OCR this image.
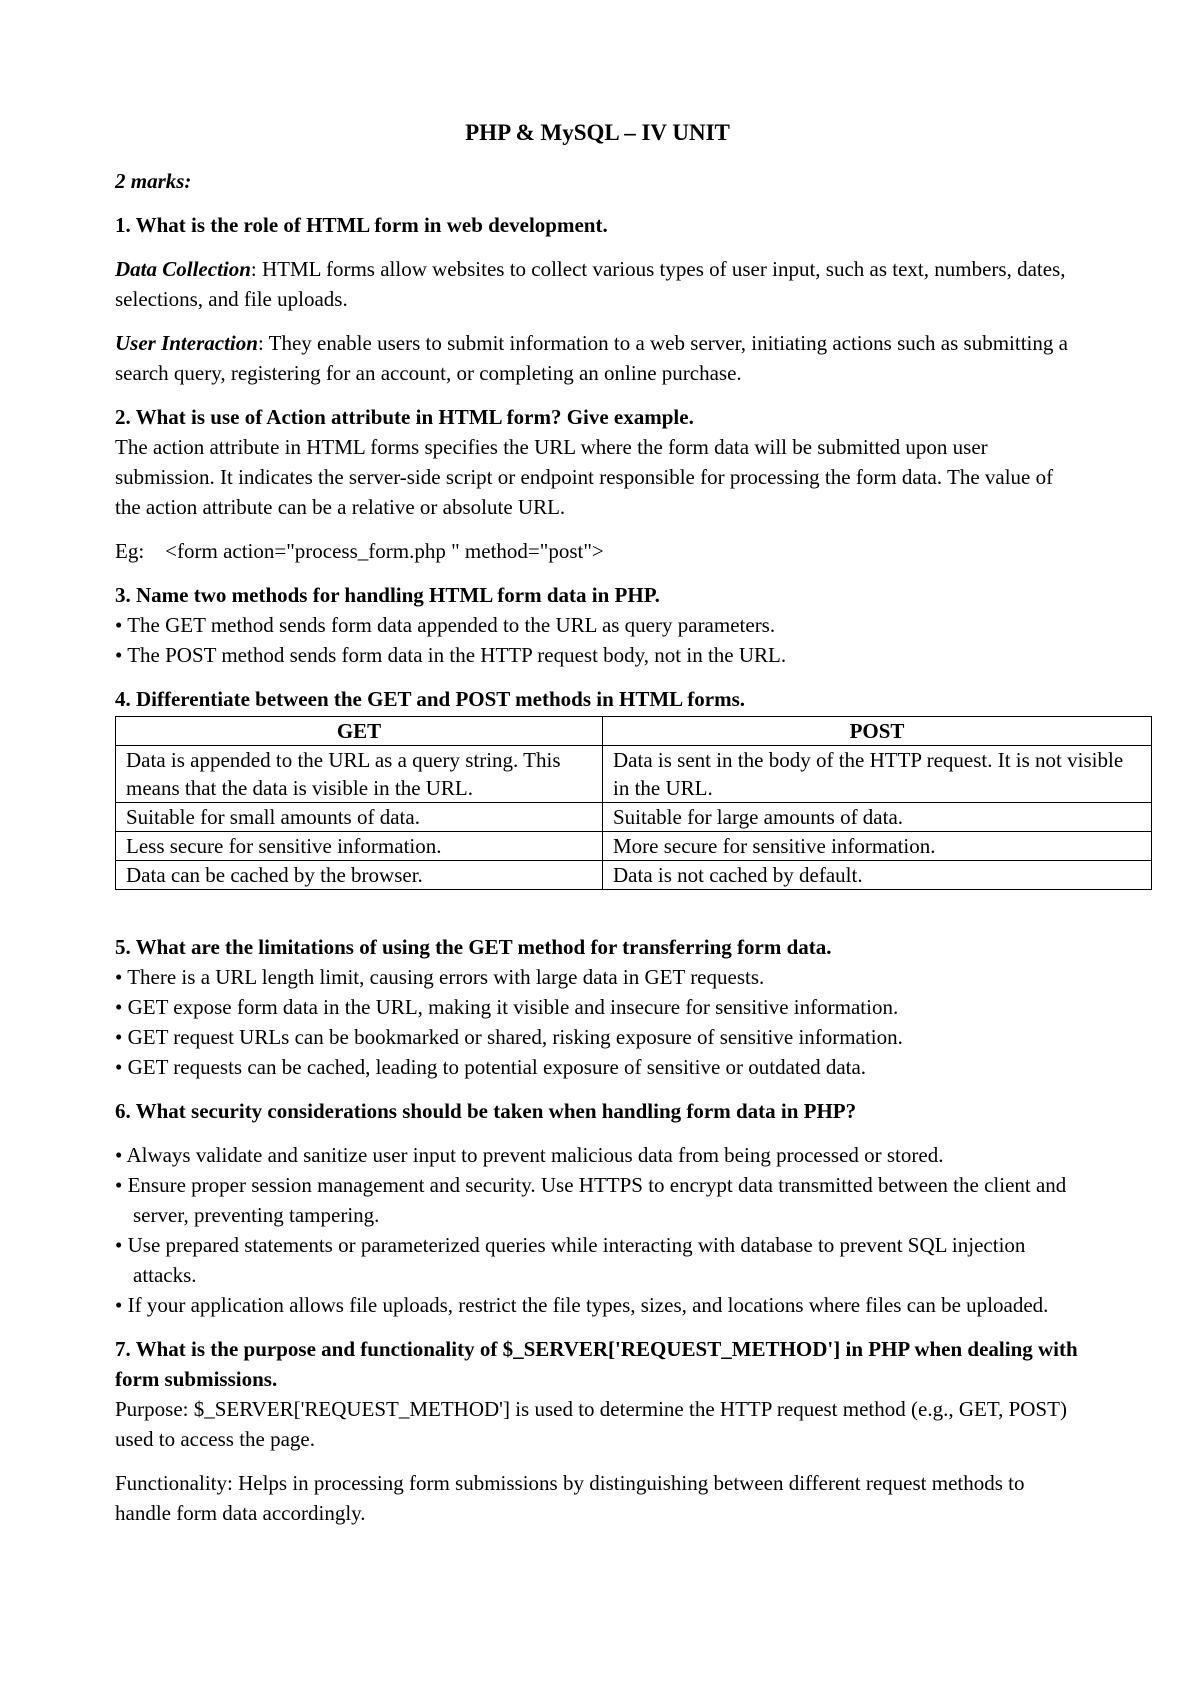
PHP & MySQL – IV UNIT
2 marks:

1. What is the role of HTML form in web development.

Data Collection: HTML forms allow websites to collect various types of user input, such as text, numbers, dates, selections, and file uploads.

User Interaction: They enable users to submit information to a web server, initiating actions such as submitting a search query, registering for an account, or completing an online purchase.

2. What is use of Action attribute in HTML form? Give example.

The action attribute in HTML forms specifies the URL where the form data will be submitted upon user submission. It indicates the server-side script or endpoint responsible for processing the form data. The value of the action attribute can be a relative or absolute URL.

Eg:    <form action="process_form.php " method="post">

3. Name two methods for handling HTML form data in PHP.

• The GET method sends form data appended to the URL as query parameters.

• The POST method sends form data in the HTTP request body, not in the URL.

4. Differentiate between the GET and POST methods in HTML forms.

GET	POST
Data is appended to the URL as a query string. This means that the data is visible in the URL.	Data is sent in the body of the HTTP request. It is not visible in the URL.
Suitable for small amounts of data.	Suitable for large amounts of data.
Less secure for sensitive information.	More secure for sensitive information.
Data can be cached by the browser.	Data is not cached by default.

5. What are the limitations of using the GET method for transferring form data.

• There is a URL length limit, causing errors with large data in GET requests.

• GET expose form data in the URL, making it visible and insecure for sensitive information.

• GET request URLs can be bookmarked or shared, risking exposure of sensitive information.

• GET requests can be cached, leading to potential exposure of sensitive or outdated data.

6. What security considerations should be taken when handling form data in PHP?

• Always validate and sanitize user input to prevent malicious data from being processed or stored.

• Ensure proper session management and security. Use HTTPS to encrypt data transmitted between the client and server, preventing tampering.

• Use prepared statements or parameterized queries while interacting with database to prevent SQL injection attacks.

• If your application allows file uploads, restrict the file types, sizes, and locations where files can be uploaded.

7. What is the purpose and functionality of $_SERVER['REQUEST_METHOD'] in PHP when dealing with form submissions.

Purpose: $_SERVER['REQUEST_METHOD'] is used to determine the HTTP request method (e.g., GET, POST) used to access the page.

Functionality: Helps in processing form submissions by distinguishing between different request methods to handle form data accordingly.
